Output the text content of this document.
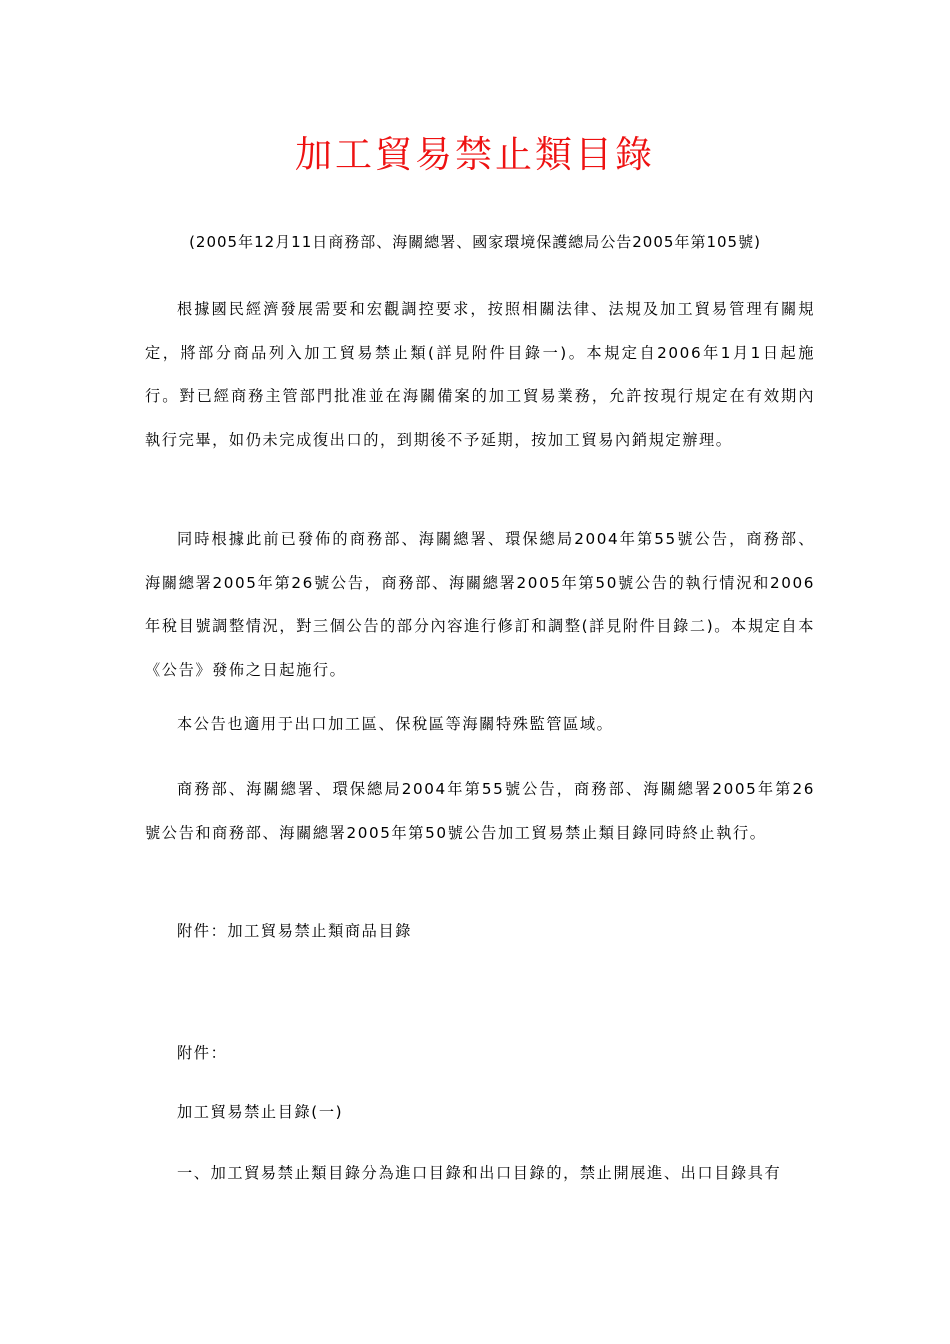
加工貿易禁止類目錄
(2005年12月11日商務部、海關總署、國家環境保護總局公告2005年第105號)
根據國民經濟發展需要和宏觀調控要求，按照相關法律、法規及加工貿易管理有關規定，將部分商品列入加工貿易禁止類(詳見附件目錄一)。本規定自2006年1月1日起施行。對已經商務主管部門批准並在海關備案的加工貿易業務，允許按現行規定在有效期內執行完畢，如仍未完成復出口的，到期後不予延期，按加工貿易內銷規定辦理。
同時根據此前已發佈的商務部、海關總署、環保總局2004年第55號公告，商務部、海關總署2005年第26號公告，商務部、海關總署2005年第50號公告的執行情況和2006年稅目號調整情況，對三個公告的部分內容進行修訂和調整(詳見附件目錄二)。本規定自本《公告》發佈之日起施行。
本公告也適用于出口加工區、保稅區等海關特殊監管區域。
商務部、海關總署、環保總局2004年第55號公告，商務部、海關總署2005年第26號公告和商務部、海關總署2005年第50號公告加工貿易禁止類目錄同時終止執行。
附件：加工貿易禁止類商品目錄
附件：
加工貿易禁止目錄(一)
一、加工貿易禁止類目錄分為進口目錄和出口目錄的，禁止開展進、出口目錄具有
